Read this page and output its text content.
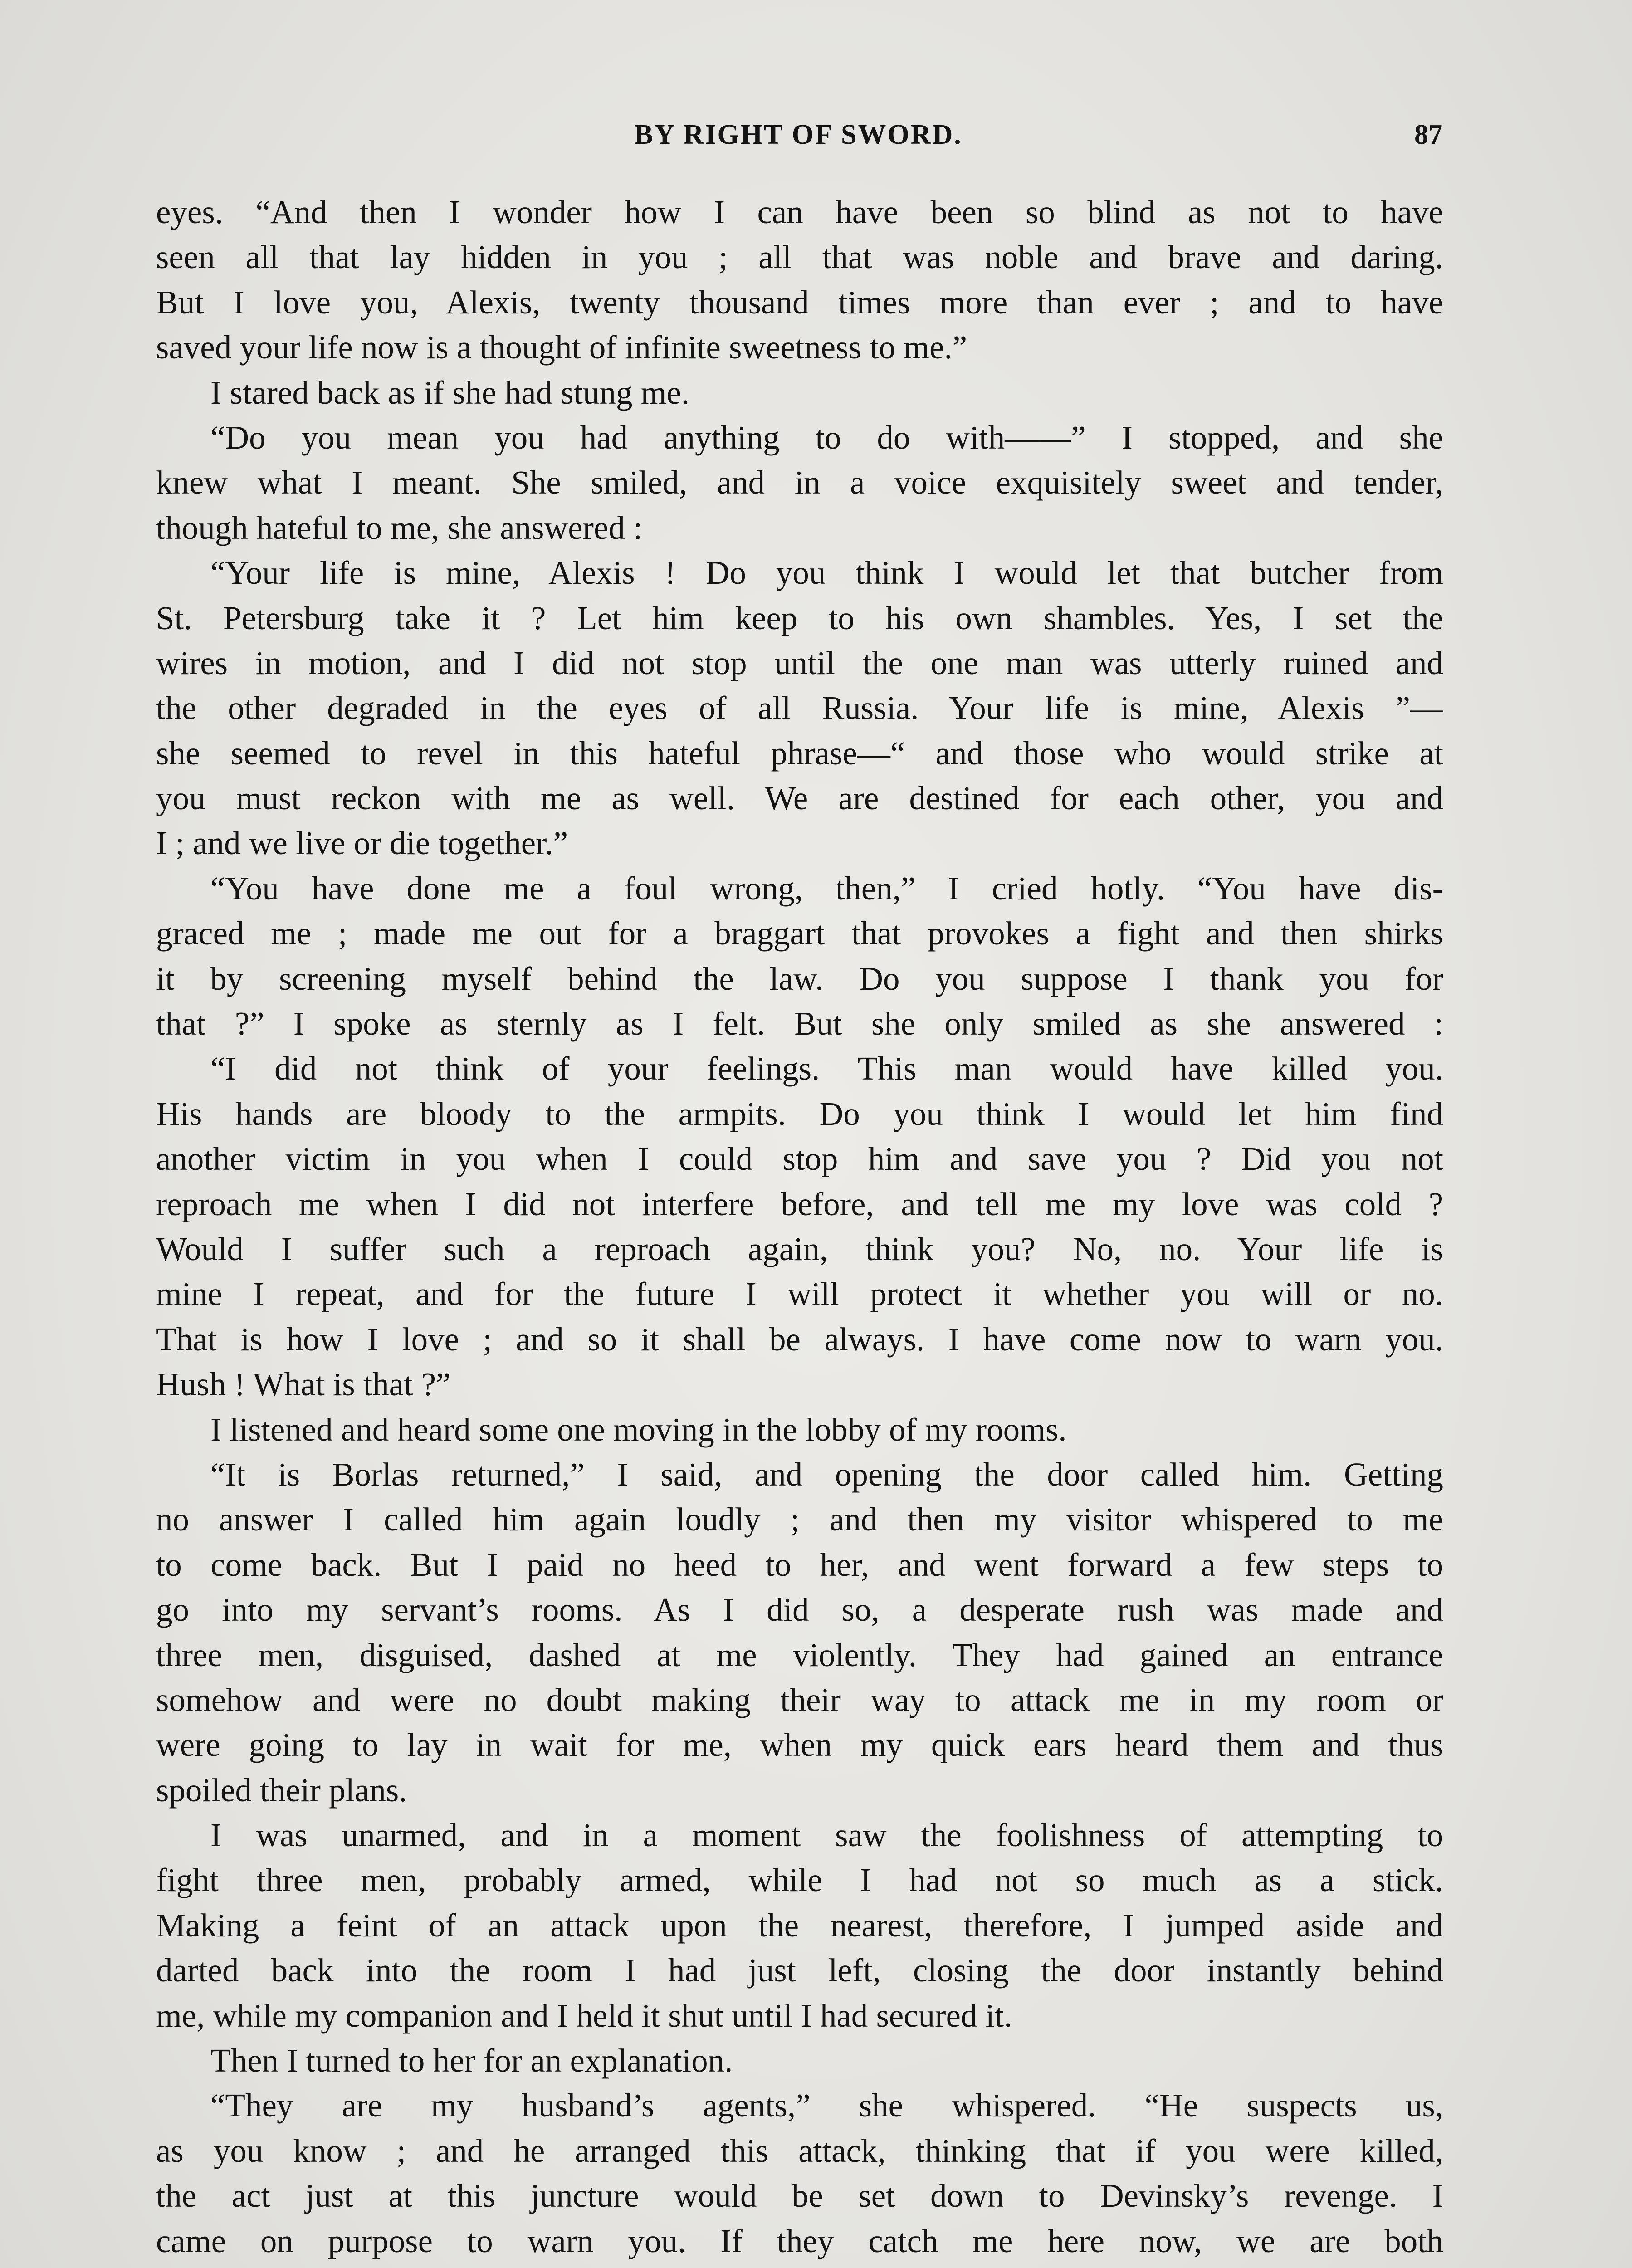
BY RIGHT OF SWORD.	87
eyes. “And then I wonder how I can have been so blind as not to have
seen all that lay hidden in you ; all that was noble and brave and daring.
But I love you, Alexis, twenty thousand times more than ever ; and to have
saved your life now is a thought of infinite sweetness to me.”
I stared back as if she had stung me.
“Do you mean you had anything to do with——” I stopped, and she
knew what I meant. She smiled, and in a voice exquisitely sweet and tender,
though hateful to me, she answered :
“Your life is mine, Alexis ! Do you think I would let that butcher from
St. Petersburg take it ? Let him keep to his own shambles. Yes, I set the
wires in motion, and I did not stop until the one man was utterly ruined and
the other degraded in the eyes of all Russia. Your life is mine, Alexis ”—
she seemed to revel in this hateful phrase—“ and those who would strike at
you must reckon with me as well. We are destined for each other, you and
I ; and we live or die together.”
“You have done me a foul wrong, then,” I cried hotly. “You have dis-
graced me ; made me out for a braggart that provokes a fight and then shirks
it by screening myself behind the law. Do you suppose I thank you for
that ?” I spoke as sternly as I felt. But she only smiled as she answered :
“I did not think of your feelings. This man would have killed you.
His hands are bloody to the armpits. Do you think I would let him find
another victim in you when I could stop him and save you ? Did you not
reproach me when I did not interfere before, and tell me my love was cold ?
Would I suffer such a reproach again, think you? No, no. Your life is
mine I repeat, and for the future I will protect it whether you will or no.
That is how I love ; and so it shall be always. I have come now to warn you.
Hush ! What is that ?”
I listened and heard some one moving in the lobby of my rooms.
“It is Borlas returned,” I said, and opening the door called him. Getting
no answer I called him again loudly ; and then my visitor whispered to me
to come back. But I paid no heed to her, and went forward a few steps to
go into my servant’s rooms. As I did so, a desperate rush was made and
three men, disguised, dashed at me violently. They had gained an entrance
somehow and were no doubt making their way to attack me in my room or
were going to lay in wait for me, when my quick ears heard them and thus
spoiled their plans.
I was unarmed, and in a moment saw the foolishness of attempting to
fight three men, probably armed, while I had not so much as a stick.
Making a feint of an attack upon the nearest, therefore, I jumped aside and
darted back into the room I had just left, closing the door instantly behind
me, while my companion and I held it shut until I had secured it.
Then I turned to her for an explanation.
“They are my husband’s agents,” she whispered. “He suspects us,
as you know ; and he arranged this attack, thinking that if you were killed,
the act just at this juncture would be set down to Devinsky’s revenge. I
came on purpose to warn you. If they catch me here now, we are both
